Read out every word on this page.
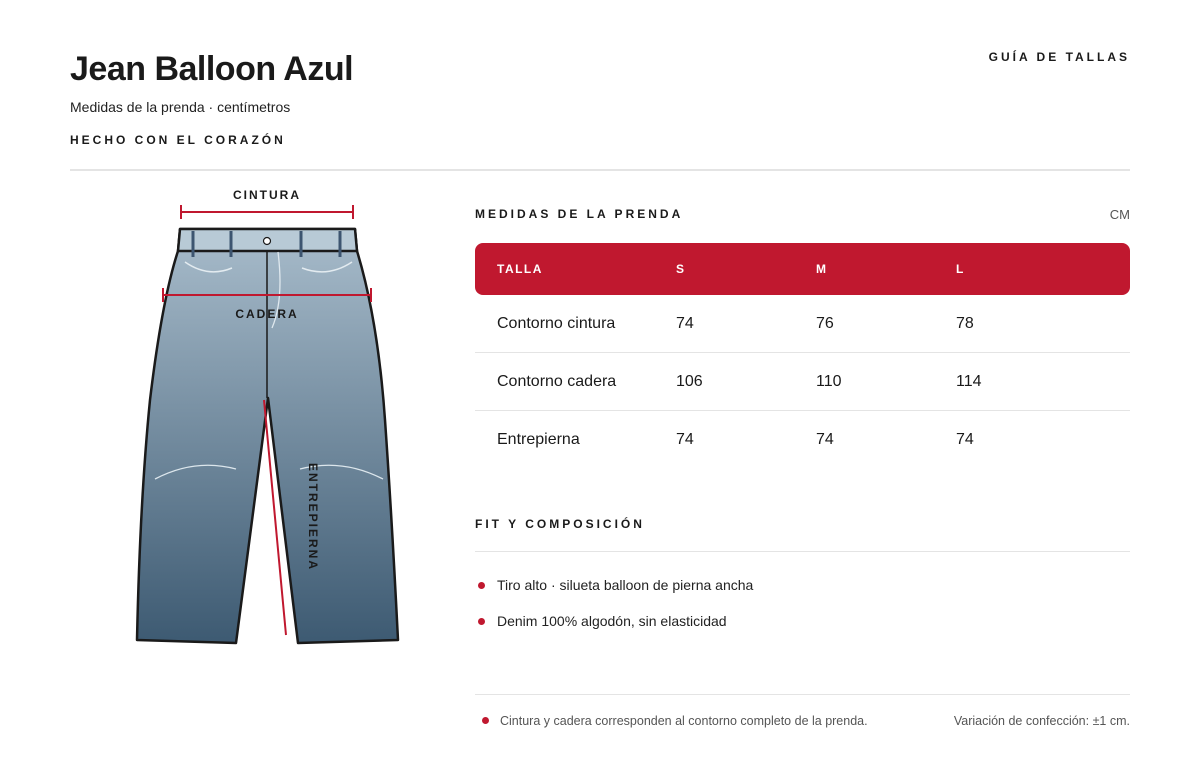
Jean Balloon Azul
Medidas de la prenda · centímetros
HECHO CON EL CORAZÓN
GUÍA DE TALLAS
CINTURA
CADERA
ENTREPIERNA
MEDIDAS DE LA PRENDA	CM
TALLA	S	M	L
Contorno cintura	74	76	78
Contorno cadera	106	110	114
Entrepierna	74	74	74
FIT Y COMPOSICIÓN
Tiro alto · silueta balloon de pierna ancha
Denim 100% algodón, sin elasticidad
Cintura y cadera corresponden al contorno completo de la prenda.	Variación de confección: ±1 cm.
